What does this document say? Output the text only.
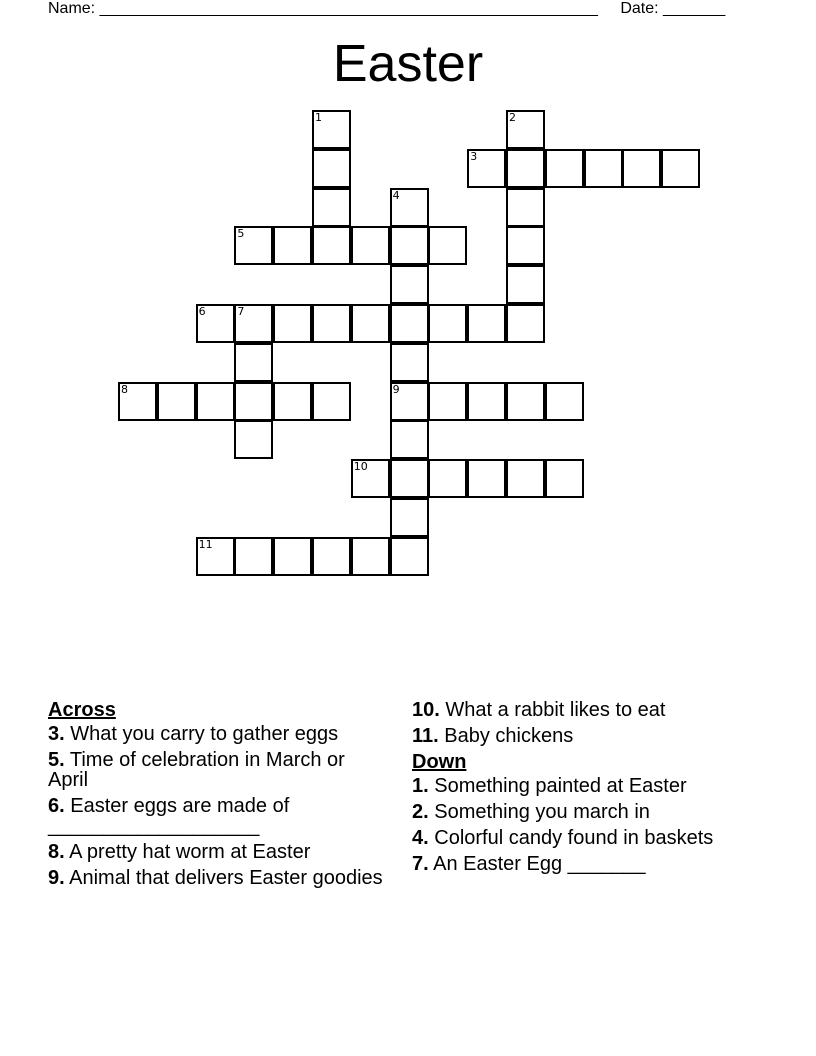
Name: ________________________________________________________ Date: _______
Easter
1	2
3
4
9
5
6	7
8
10
11
Across
3. What you carry to gather eggs
5. Time of celebration in March or April
6. Easter eggs are made of ___________________
8. A pretty hat worm at Easter
9. Animal that delivers Easter goodies
10. What a rabbit likes to eat
11. Baby chickens
Down
1. Something painted at Easter
2. Something you march in
4. Colorful candy found in baskets
7. An Easter Egg _______
